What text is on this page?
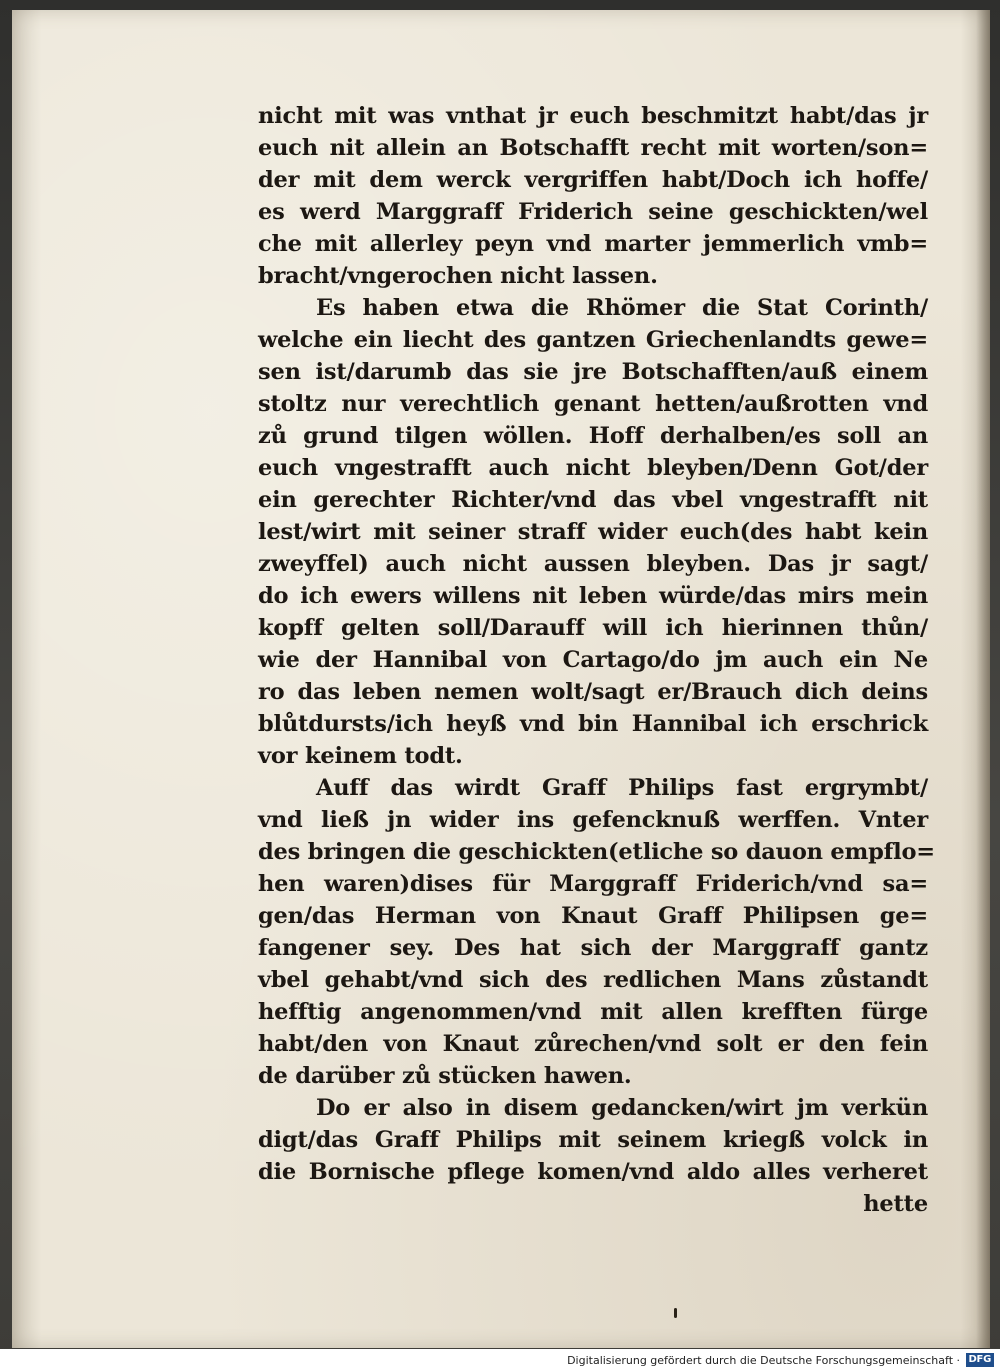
nicht mit was vnthat jr euch beschmitzt habt/das jr
euch nit allein an Botschafft recht mit worten/son=
der mit dem werck vergriffen habt/Doch ich hoffe/
es werd Marggraff Friderich seine geschickten/wel
che mit allerley peyn vnd marter jemmerlich vmb=
bracht/vngerochen nicht lassen.
Es haben etwa die Rhömer die Stat Corinth/
welche ein liecht des gantzen Griechenlandts gewe=
sen ist/darumb das sie jre Botschafften/auß einem
stoltz nur verechtlich genant hetten/außrotten vnd
zů grund tilgen wöllen. Hoff derhalben/es soll an
euch vngestrafft auch nicht bleyben/Denn Got/der
ein gerechter Richter/vnd das vbel vngestrafft nit
lest/wirt mit seiner straff wider euch(des habt kein
zweyffel) auch nicht aussen bleyben. Das jr sagt/
do ich ewers willens nit leben würde/das mirs mein
kopff gelten soll/Darauff will ich hierinnen thůn/
wie der Hannibal von Cartago/do jm auch ein Ne
ro das leben nemen wolt/sagt er/Brauch dich deins
blůtdursts/ich heyß vnd bin Hannibal ich erschrick
vor keinem todt.
Auff das wirdt Graff Philips fast ergrymbt/
vnd ließ jn wider ins gefencknuß werffen. Vnter
des bringen die geschickten(etliche so dauon empflo=
hen waren)dises für Marggraff Friderich/vnd sa=
gen/das Herman von Knaut Graff Philipsen ge=
fangener sey. Des hat sich der Marggraff gantz
vbel gehabt/vnd sich des redlichen Mans zůstandt
hefftig angenommen/vnd mit allen krefften fürge
habt/den von Knaut zůrechen/vnd solt er den fein
de darüber zů stücken hawen.
Do er also in disem gedancken/wirt jm verkün
digt/das Graff Philips mit seinem kriegß volck in
die Bornische pflege komen/vnd aldo alles verheret
hette
Digitalisierung gefördert durch die Deutsche Forschungsgemeinschaft · DFG
